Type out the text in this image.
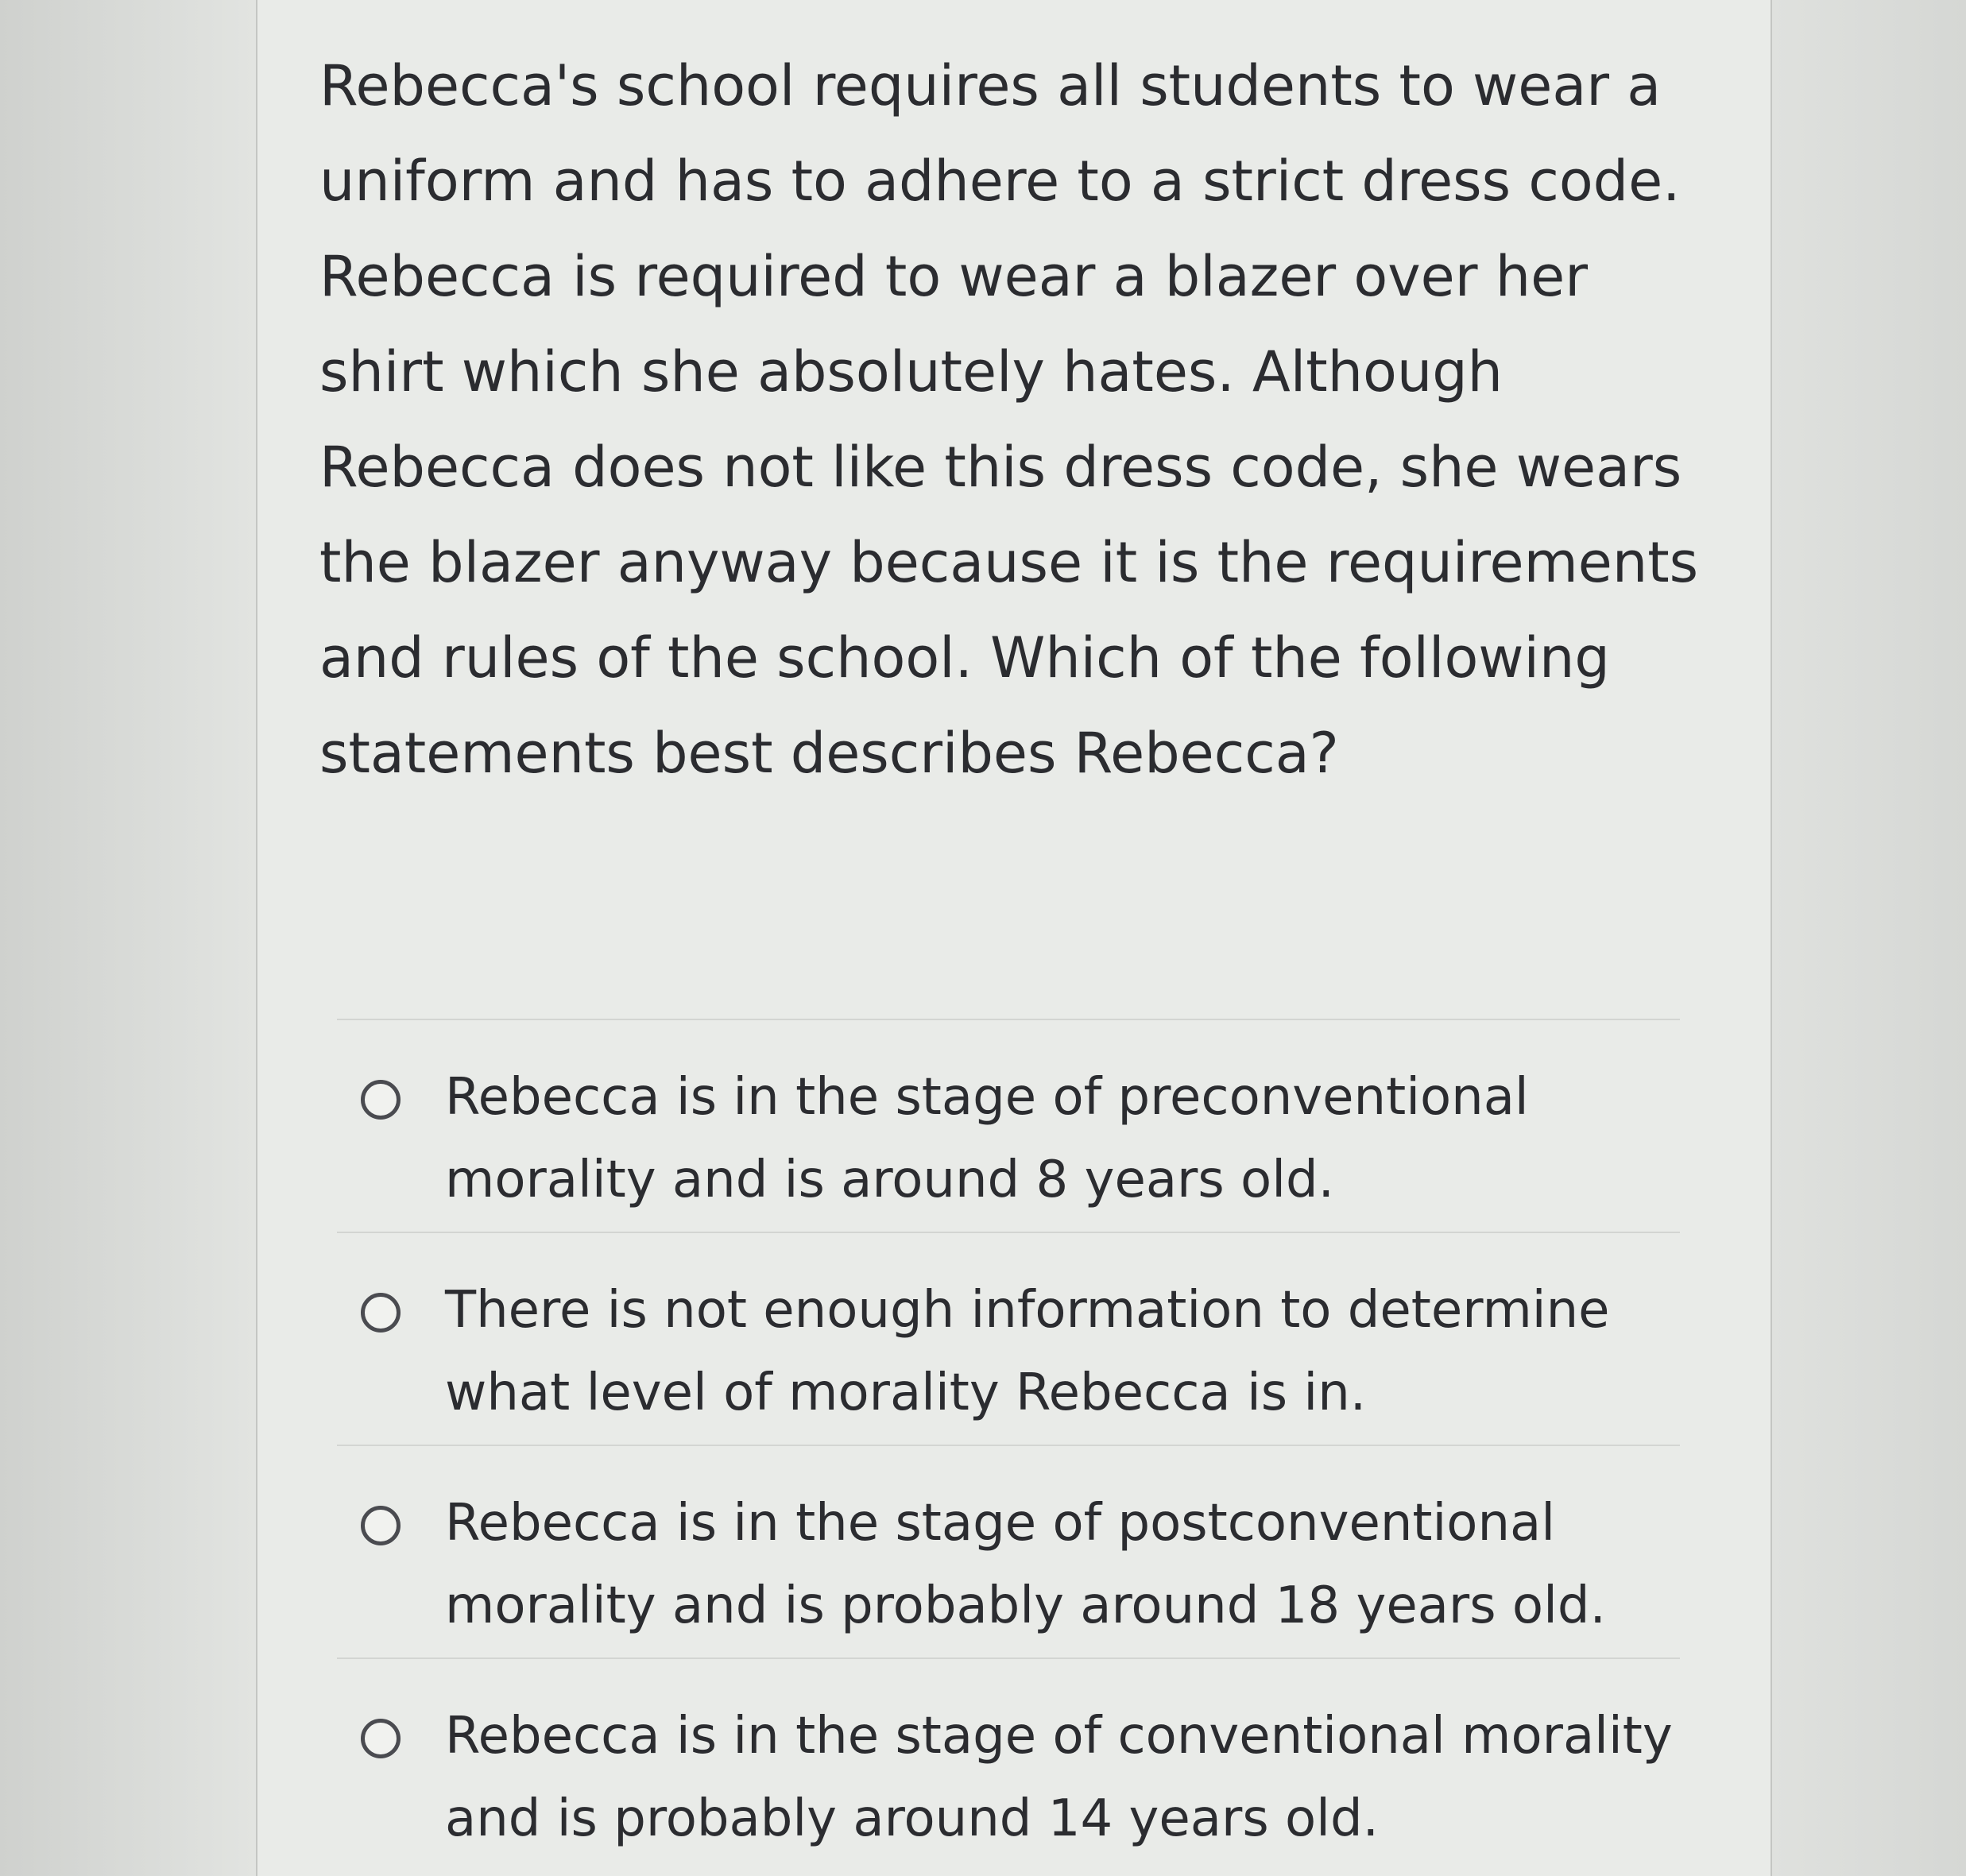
Rebecca's school requires all students to wear a uniform and has to adhere to a strict dress code. Rebecca is required to wear a blazer over her shirt which she absolutely hates. Although Rebecca does not like this dress code, she wears the blazer anyway because it is the requirements and rules of the school. Which of the following statements best describes Rebecca?

Rebecca is in the stage of preconventional morality and is around 8 years old.
There is not enough information to determine what level of morality Rebecca is in.
Rebecca is in the stage of postconventional morality and is probably around 18 years old.
Rebecca is in the stage of conventional morality and is probably around 14 years old.
